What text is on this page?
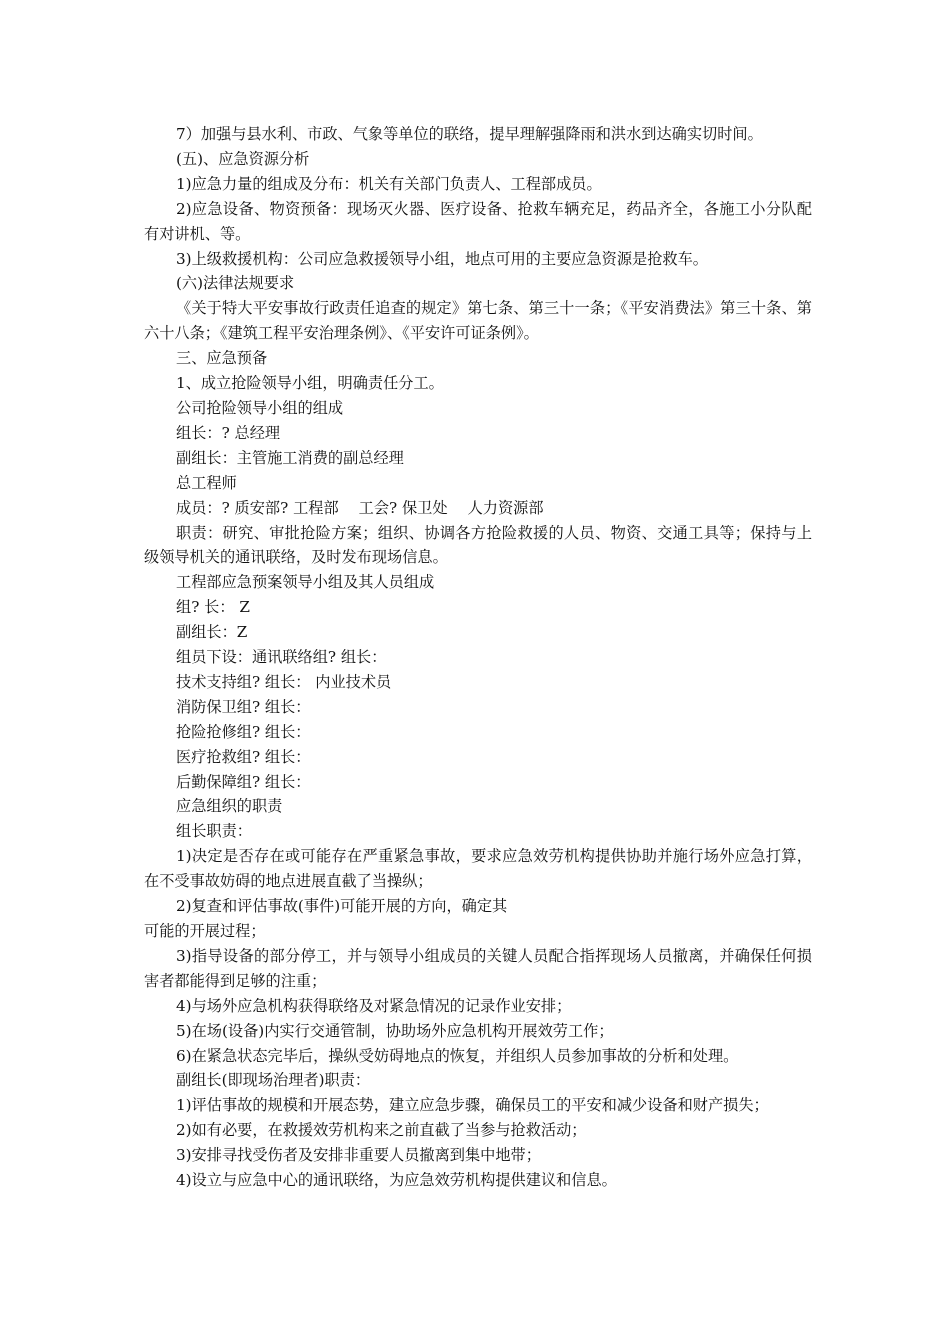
7）加强与县水利、市政、气象等单位的联络，提早理解强降雨和洪水到达确实切时间。

(五)、应急资源分析

1)应急力量的组成及分布：机关有关部门负责人、工程部成员。

2)应急设备、物资预备：现场灭火器、医疗设备、抢救车辆充足，药品齐全，各施工小分队配有对讲机、等。

3)上级救援机构：公司应急救援领导小组，地点可用的主要应急资源是抢救车。

(六)法律法规要求

《关于特大平安事故行政责任追查的规定》第七条、第三十一条；《平安消费法》第三十条、第六十八条；《建筑工程平安治理条例》、《平安许可证条例》。

三、应急预备

1、成立抢险领导小组，明确责任分工。

公司抢险领导小组的组成

组长：? 总经理

副组长：主管施工消费的副总经理

总工程师

成员：? 质安部? 工程部　 工会? 保卫处　 人力资源部

职责：研究、审批抢险方案；组织、协调各方抢险救援的人员、物资、交通工具等；保持与上级领导机关的通讯联络，及时发布现场信息。

工程部应急预案领导小组及其人员组成

组? 长： Z

副组长：Z

组员下设：通讯联络组? 组长：

技术支持组? 组长： 内业技术员

消防保卫组? 组长：

抢险抢修组? 组长：

医疗抢救组? 组长：

后勤保障组? 组长：

应急组织的职责

组长职责：

1)决定是否存在或可能存在严重紧急事故，要求应急效劳机构提供协助并施行场外应急打算，在不受事故妨碍的地点进展直截了当操纵；

2)复查和评估事故(事件)可能开展的方向，确定其

可能的开展过程；

3)指导设备的部分停工，并与领导小组成员的关键人员配合指挥现场人员撤离，并确保任何损害者都能得到足够的注重；

4)与场外应急机构获得联络及对紧急情况的记录作业安排；

5)在场(设备)内实行交通管制，协助场外应急机构开展效劳工作；

6)在紧急状态完毕后，操纵受妨碍地点的恢复，并组织人员参加事故的分析和处理。

副组长(即现场治理者)职责：

1)评估事故的规模和开展态势，建立应急步骤，确保员工的平安和减少设备和财产损失；

2)如有必要，在救援效劳机构来之前直截了当参与抢救活动；

3)安排寻找受伤者及安排非重要人员撤离到集中地带；

4)设立与应急中心的通讯联络，为应急效劳机构提供建议和信息。
